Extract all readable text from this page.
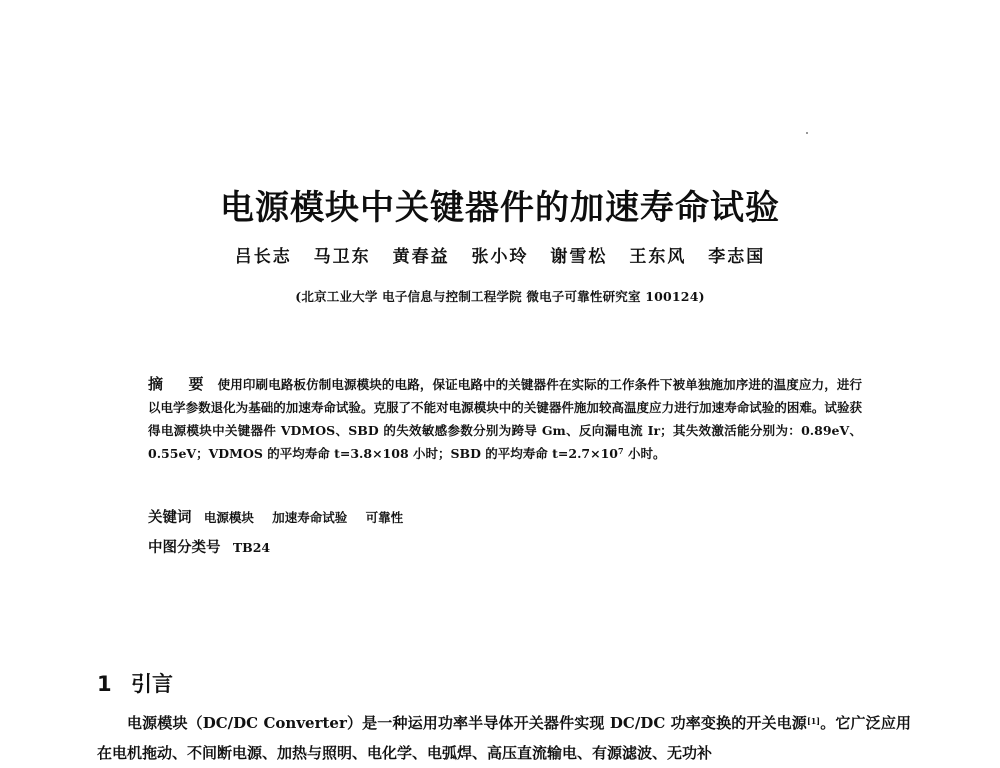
电源模块中关键器件的加速寿命试验
吕长志 马卫东 黄春益 张小玲 谢雪松 王东风 李志国
(北京工业大学 电子信息与控制工程学院 微电子可靠性研究室 100124)
摘 要 使用印刷电路板仿制电源模块的电路，保证电路中的关键器件在实际的工作条件下被单独施加序进的温度应力，进行以电学参数退化为基础的加速寿命试验。克服了不能对电源模块中的关键器件施加较高温度应力进行加速寿命试验的困难。试验获得电源模块中关键器件 VDMOS、SBD 的失效敏感参数分别为跨导 Gm、反向漏电流 Ir；其失效激活能分别为：0.89eV、0.55eV；VDMOS 的平均寿命 t=3.8×108 小时；SBD 的平均寿命 $t=2.7\times 10^7$ 小时。
关键词 电源模块 加速寿命试验 可靠性
中图分类号 TB24
1 引言
电源模块（DC/DC Converter）是一种运用功率半导体开关器件实现 DC/DC 功率变换的开关电源[1]。它广泛应用在电机拖动、不间断电源、加热与照明、电化学、电弧焊、高压直流输电、有源滤波、无功补
